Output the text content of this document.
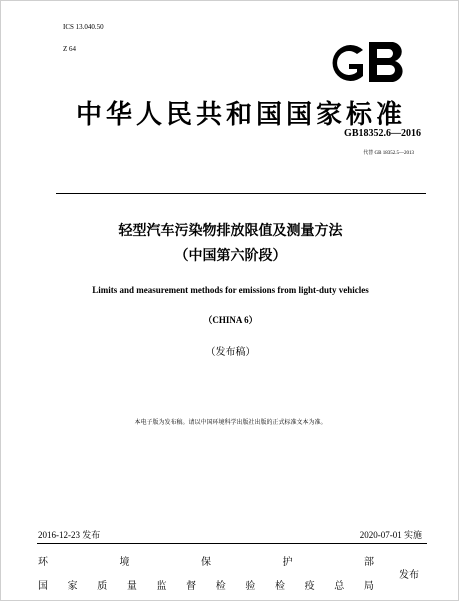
ICS 13.040.50
Z 64
中华人民共和国国家标准
GB18352.6—2016
代替 GB 18352.5—2013
轻型汽车污染物排放限值及测量方法
（中国第六阶段）
Limits and measurement methods for emissions from light-duty vehicles
（CHINA 6）
（发布稿）
本电子版为发布稿。请以中国环境科学出版社出版的正式标准文本为准。
2016-12-23 发布	2020-07-01 实施
环	境	保	护	部
国 家 质 量 监 督 检 验 检 疫 总 局
发布
